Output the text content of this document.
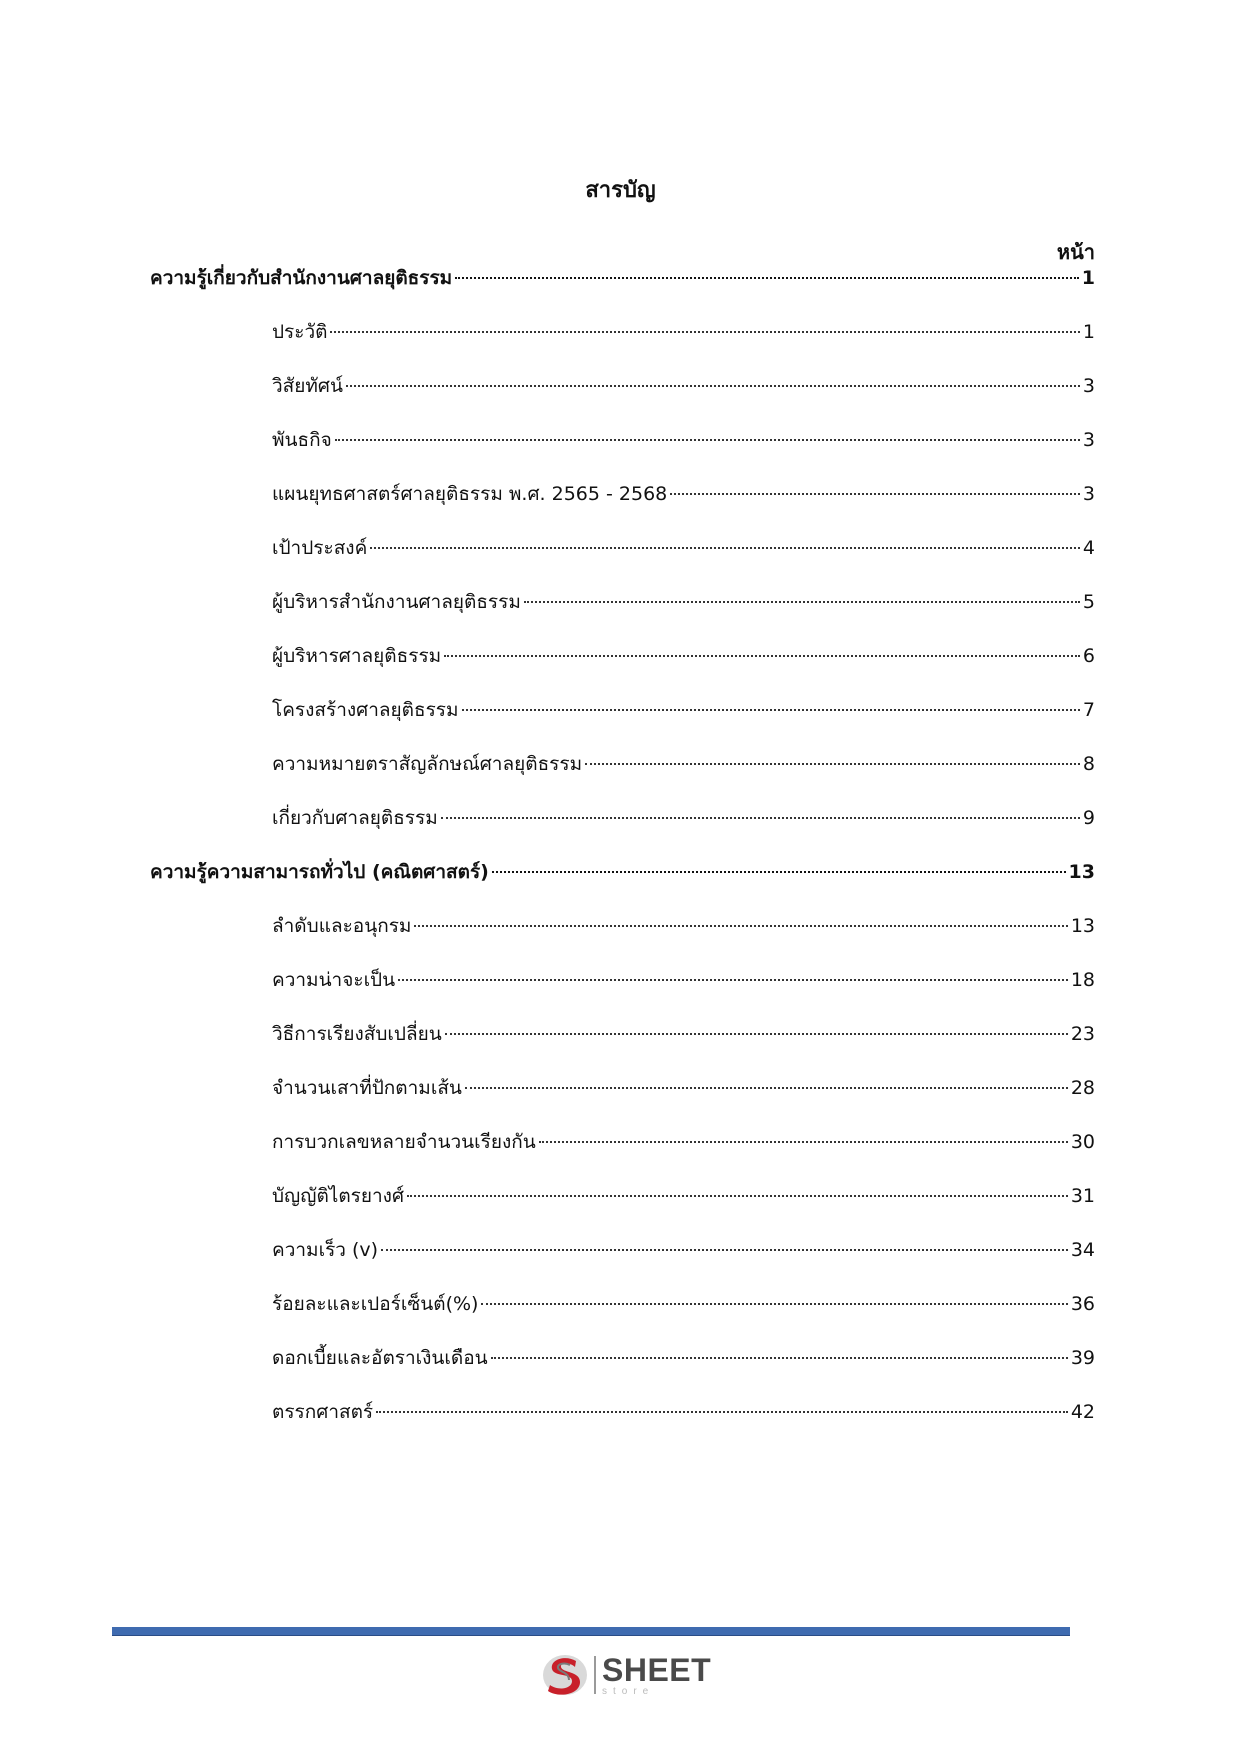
สารบัญ
หน้า
ความรู้เกี่ยวกับสำนักงานศาลยุติธรรม	1
ประวัติ	1
วิสัยทัศน์	3
พันธกิจ	3
แผนยุทธศาสตร์ศาลยุติธรรม พ.ศ. 2565 - 2568	3
เป้าประสงค์	4
ผู้บริหารสำนักงานศาลยุติธรรม	5
ผู้บริหารศาลยุติธรรม	6
โครงสร้างศาลยุติธรรม	7
ความหมายตราสัญลักษณ์ศาลยุติธรรม	8
เกี่ยวกับศาลยุติธรรม	9
ความรู้ความสามารถทั่วไป (คณิตศาสตร์)	13
ลำดับและอนุกรม	13
ความน่าจะเป็น	18
วิธีการเรียงสับเปลี่ยน	23
จำนวนเสาที่ปักตามเส้น	28
การบวกเลขหลายจำนวนเรียงกัน	30
บัญญัติไตรยางศ์	31
ความเร็ว (v)	34
ร้อยละและเปอร์เซ็นต์(%)	36
ดอกเบี้ยและอัตราเงินเดือน	39
ตรรกศาสตร์	42
SHEET
store
